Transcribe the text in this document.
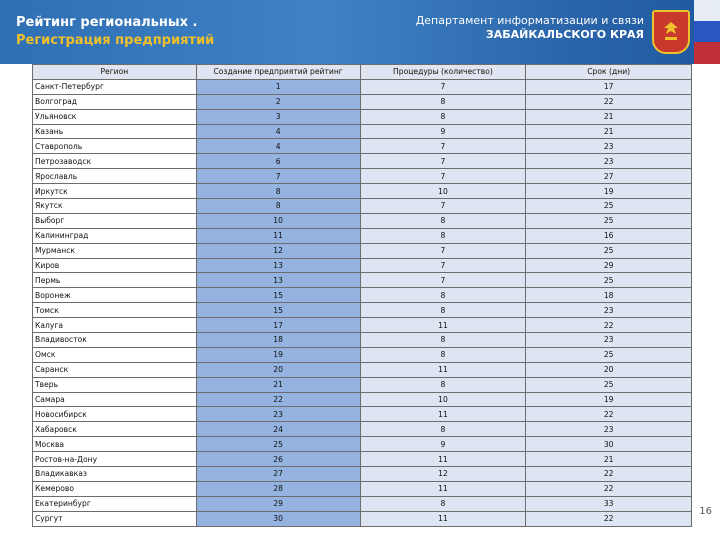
Рейтинг региональных .
Регистрация предприятий
Департамент информатизации и связи
ЗАБАЙКАЛЬСКОГО КРАЯ
Регион	Создание предприятий рейтинг	Процедуры (количество)	Срок (дни)
Санкт-Петербург	1	7	17
Волгоград	2	8	22
Ульяновск	3	8	21
Казань	4	9	21
Ставрополь	4	7	23
Петрозаводск	6	7	23
Ярославль	7	7	27
Иркутск	8	10	19
Якутск	8	7	25
Выборг	10	8	25
Калининград	11	8	16
Мурманск	12	7	25
Киров	13	7	29
Пермь	13	7	25
Воронеж	15	8	18
Томск	15	8	23
Калуга	17	11	22
Владивосток	18	8	23
Омск	19	8	25
Саранск	20	11	20
Тверь	21	8	25
Самара	22	10	19
Новосибирск	23	11	22
Хабаровск	24	8	23
Москва	25	9	30
Ростов-на-Дону	26	11	21
Владикавказ	27	12	22
Кемерово	28	11	22
Екатеринбург	29	8	33
Сургут	30	11	22
16
